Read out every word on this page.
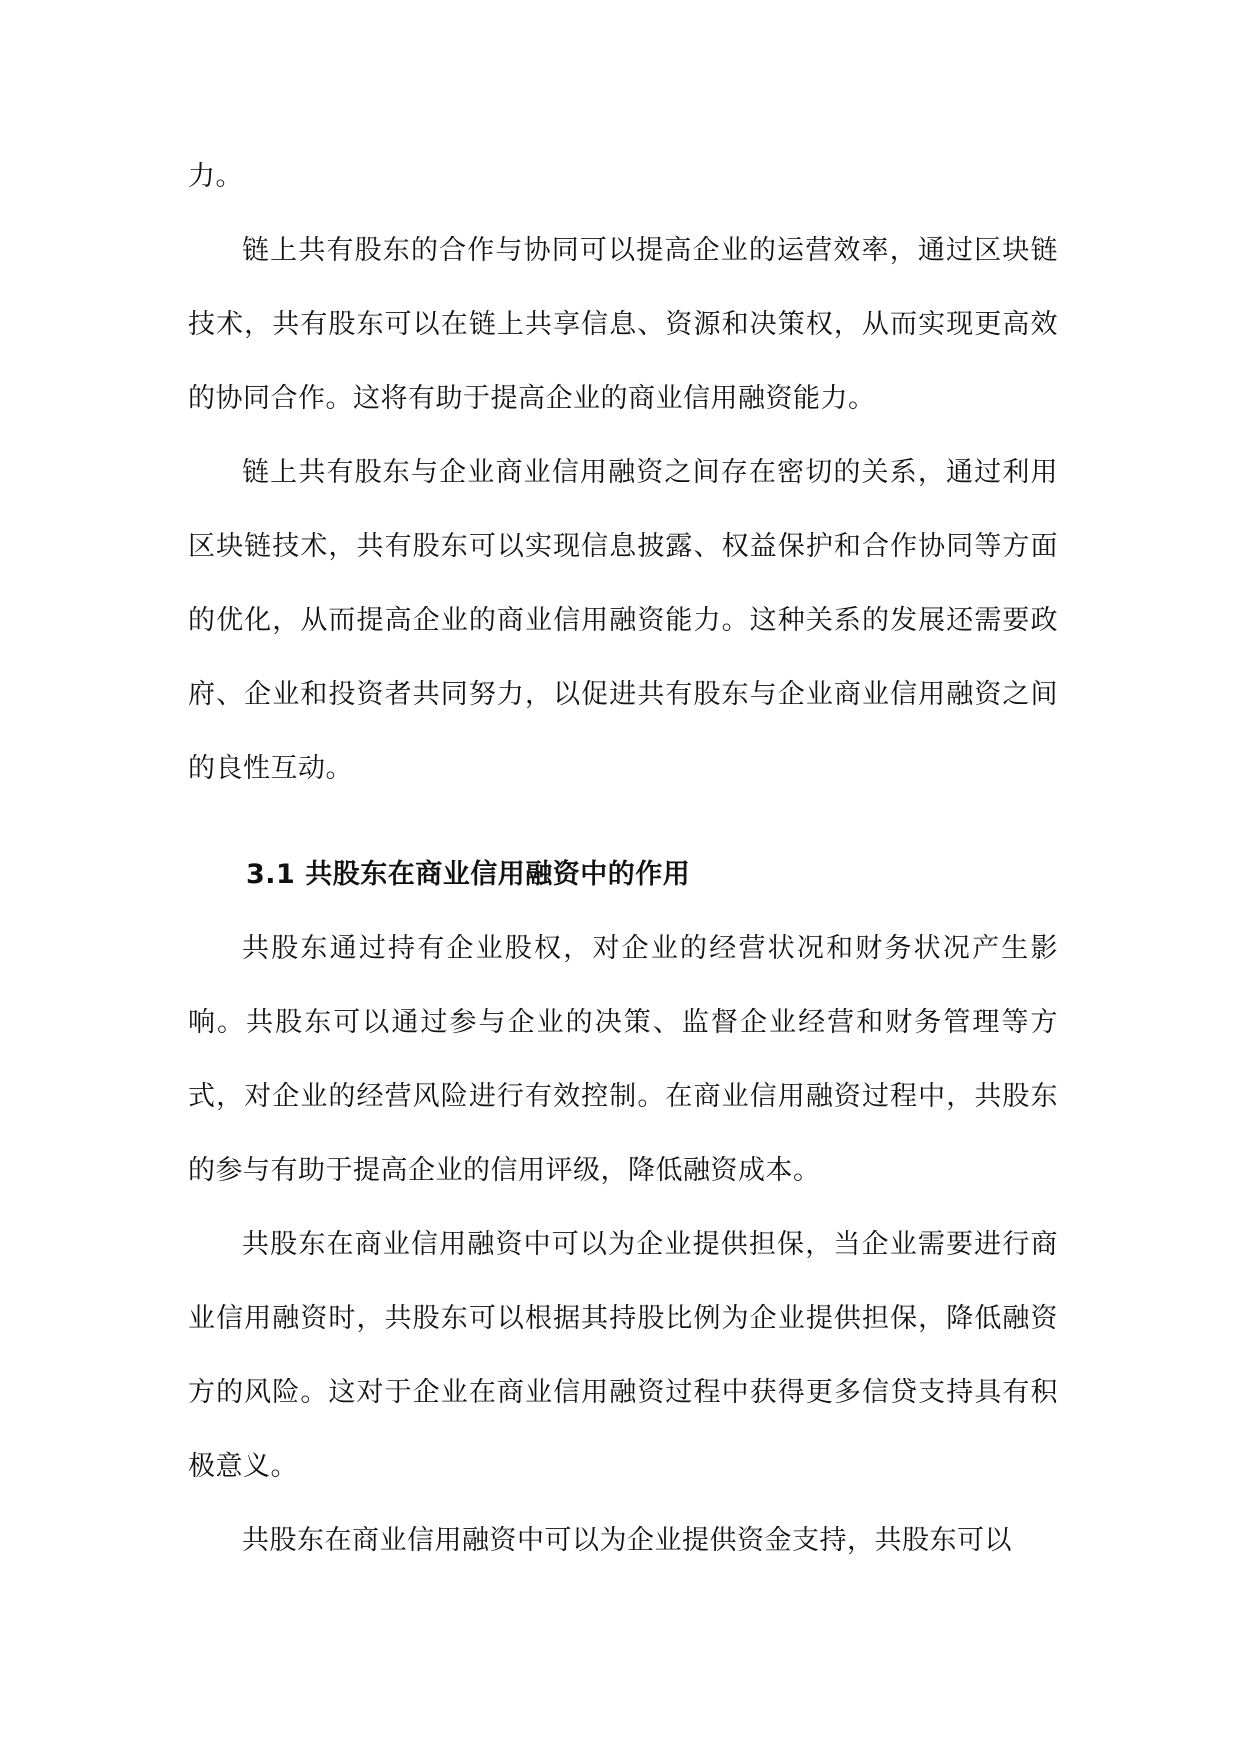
力。

链上共有股东的合作与协同可以提高企业的运营效率，通过区块链技术，共有股东可以在链上共享信息、资源和决策权，从而实现更高效的协同合作。这将有助于提高企业的商业信用融资能力。

链上共有股东与企业商业信用融资之间存在密切的关系，通过利用区块链技术，共有股东可以实现信息披露、权益保护和合作协同等方面的优化，从而提高企业的商业信用融资能力。这种关系的发展还需要政府、企业和投资者共同努力，以促进共有股东与企业商业信用融资之间的良性互动。

3.1 共股东在商业信用融资中的作用

共股东通过持有企业股权，对企业的经营状况和财务状况产生影响。共股东可以通过参与企业的决策、监督企业经营和财务管理等方式，对企业的经营风险进行有效控制。在商业信用融资过程中，共股东的参与有助于提高企业的信用评级，降低融资成本。

共股东在商业信用融资中可以为企业提供担保，当企业需要进行商业信用融资时，共股东可以根据其持股比例为企业提供担保，降低融资方的风险。这对于企业在商业信用融资过程中获得更多信贷支持具有积极意义。

共股东在商业信用融资中可以为企业提供资金支持，共股东可以
